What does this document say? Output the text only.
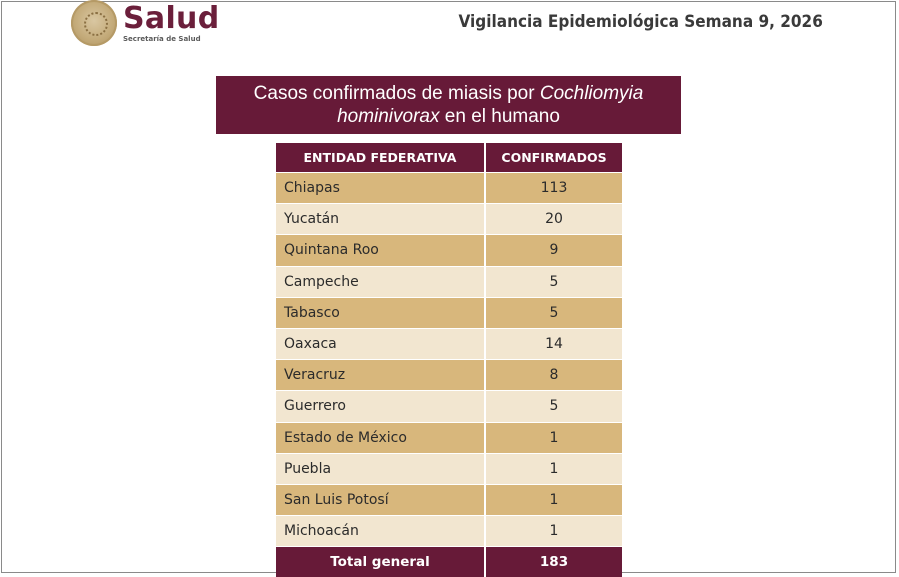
Salud
Secretaría de Salud
Vigilancia Epidemiológica Semana 9, 2026
Casos confirmados de miasis por Cochliomyia
hominivorax en el humano
ENTIDAD FEDERATIVA	CONFIRMADOS
Chiapas	113
Yucatán	20
Quintana Roo	9
Campeche	5
Tabasco	5
Oaxaca	14
Veracruz	8
Guerrero	5
Estado de México	1
Puebla	1
San Luis Potosí	1
Michoacán	1
Total general	183
